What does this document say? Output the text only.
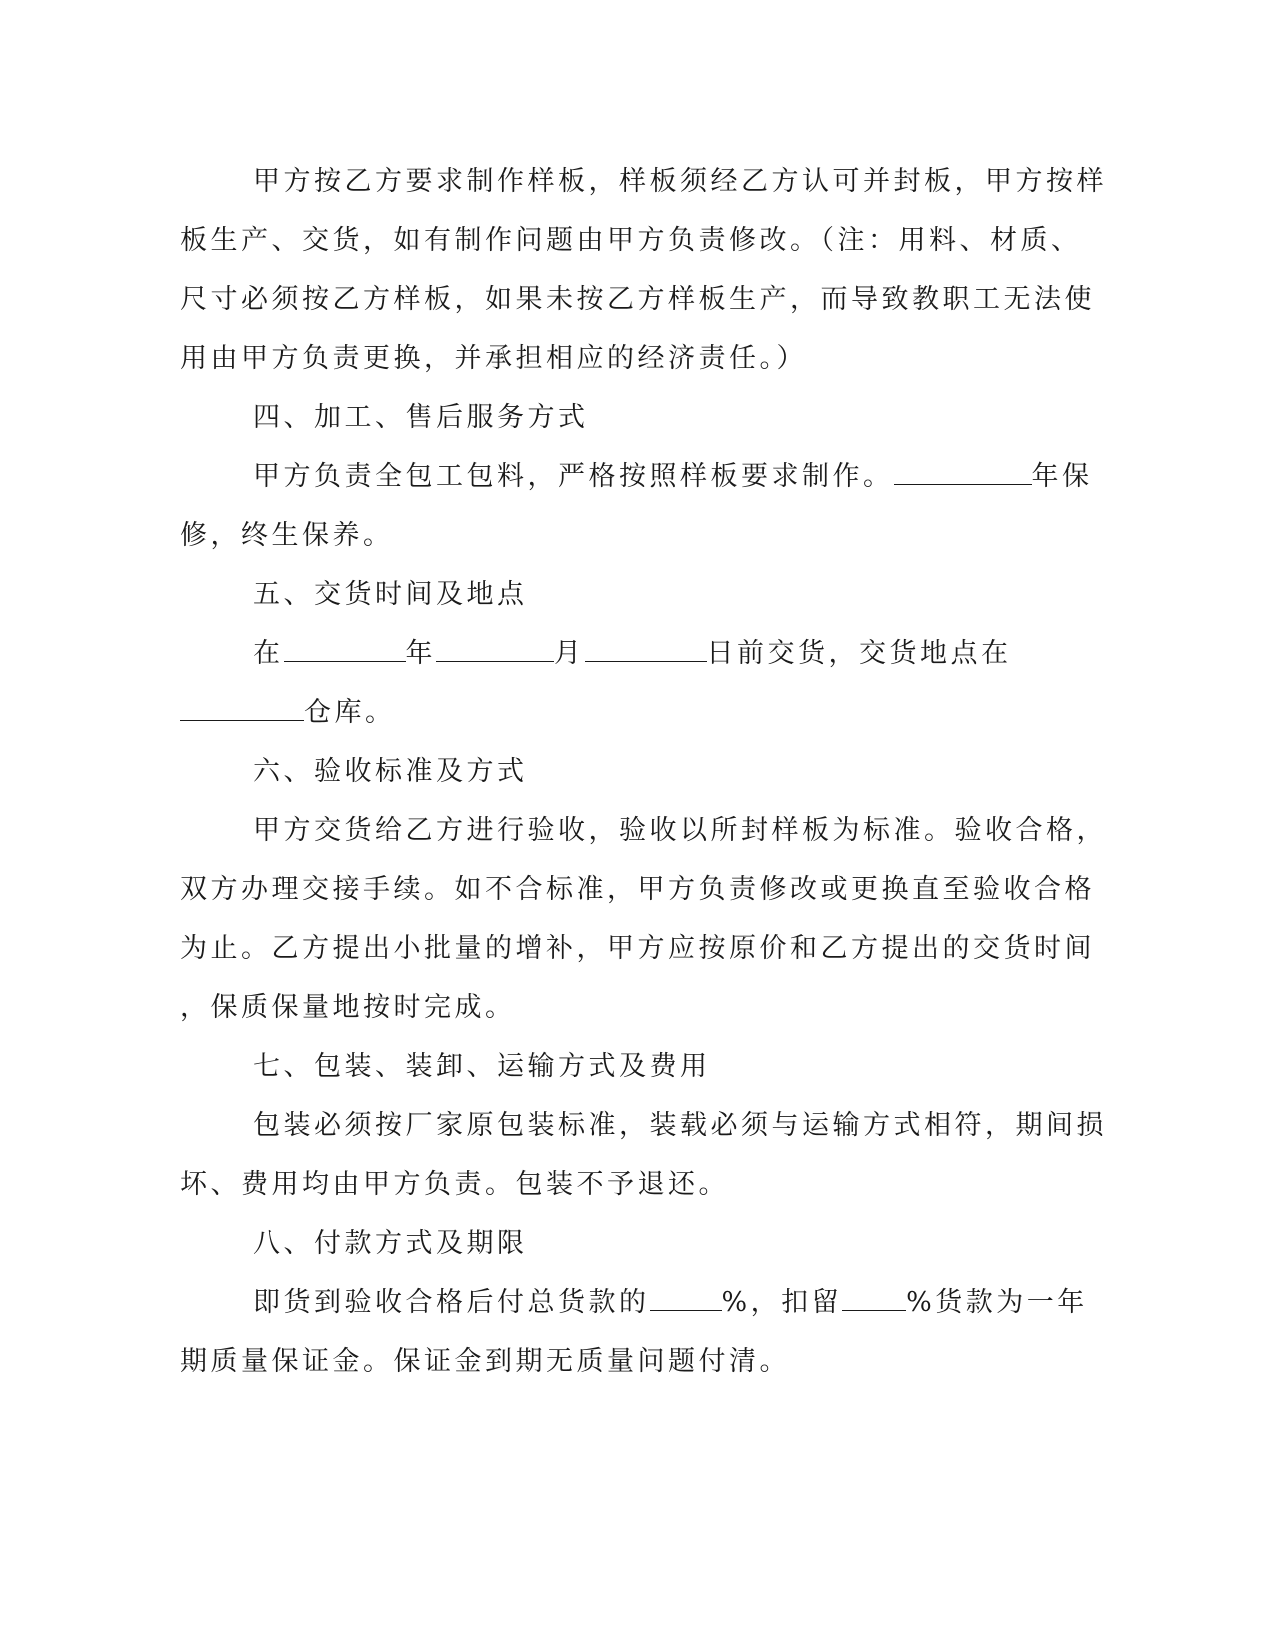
甲方按乙方要求制作样板，样板须经乙方认可并封板，甲方按样
板生产、交货，如有制作问题由甲方负责修改。（注：用料、材质、
尺寸必须按乙方样板，如果未按乙方样板生产，而导致教职工无法使
用由甲方负责更换，并承担相应的经济责任。）
四、加工、售后服务方式
甲方负责全包工包料，严格按照样板要求制作。	年保
修，终生保养。
五、交货时间及地点
在	年	月	日前交货，交货地点在
仓库。
六、验收标准及方式
甲方交货给乙方进行验收，验收以所封样板为标准。验收合格，
双方办理交接手续。如不合标准，甲方负责修改或更换直至验收合格
为止。乙方提出小批量的增补，甲方应按原价和乙方提出的交货时间
，保质保量地按时完成。
七、包装、装卸、运输方式及费用
包装必须按厂家原包装标准，装载必须与运输方式相符，期间损
坏、费用均由甲方负责。包装不予退还。
八、付款方式及期限
即货到验收合格后付总货款的	%，扣留 %货款为一年
期质量保证金。保证金到期无质量问题付清。
